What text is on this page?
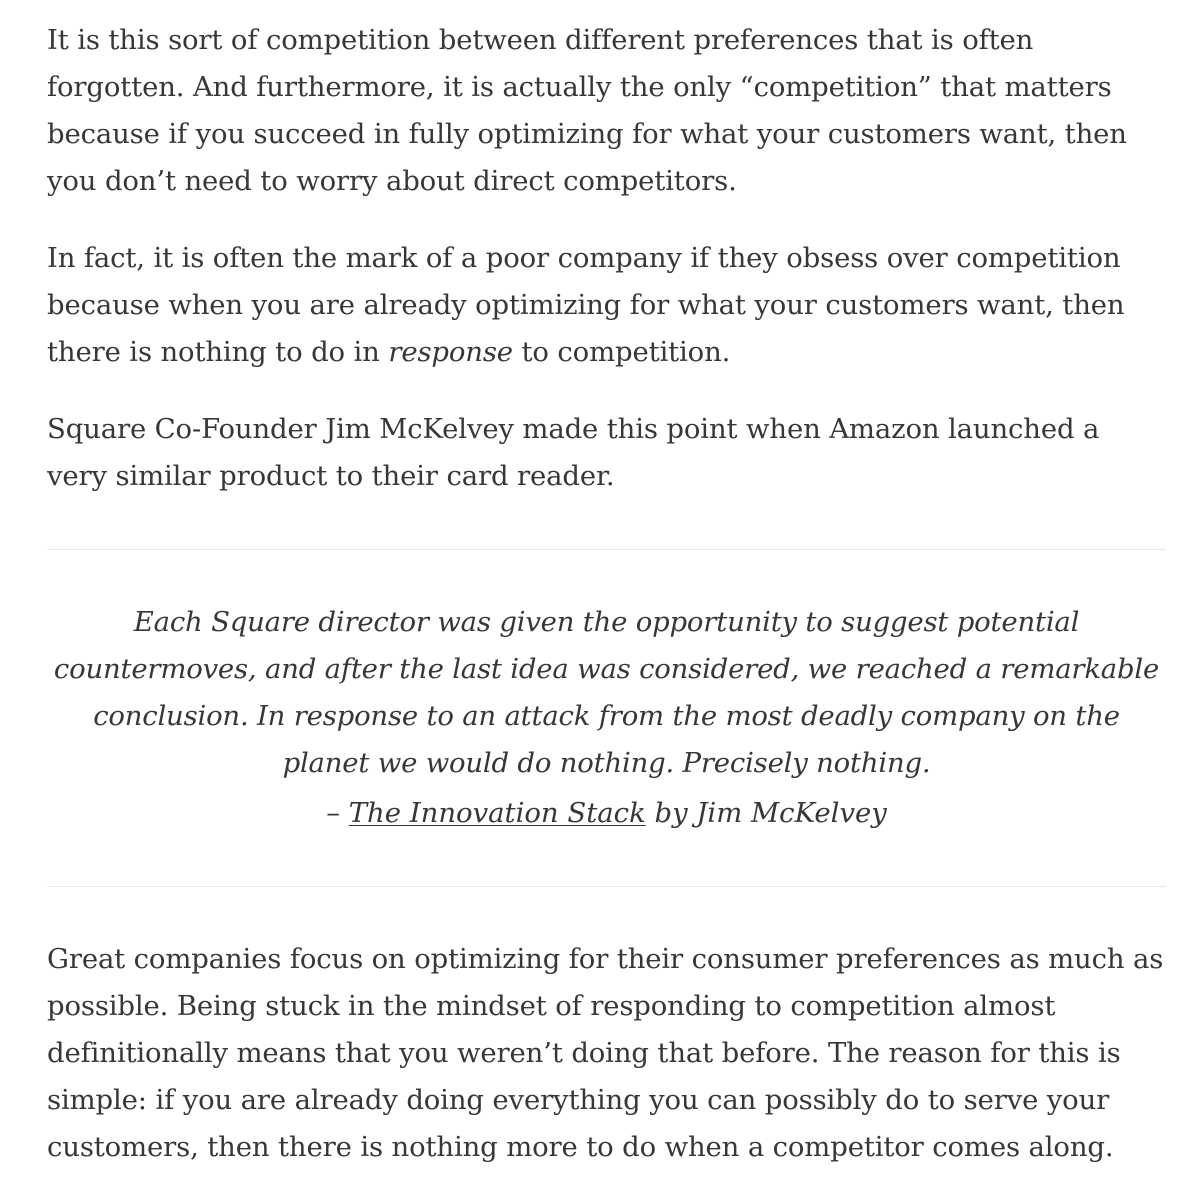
It is this sort of competition between different preferences that is often forgotten. And furthermore, it is actually the only “competition” that matters because if you succeed in fully optimizing for what your customers want, then you don’t need to worry about direct competitors.

In fact, it is often the mark of a poor company if they obsess over competition because when you are already optimizing for what your customers want, then there is nothing to do in response to competition.

Square Co-Founder Jim McKelvey made this point when Amazon launched a very similar product to their card reader.

Each Square director was given the opportunity to suggest potential countermoves, and after the last idea was considered, we reached a remarkable conclusion. In response to an attack from the most deadly company on the planet we would do nothing. Precisely nothing.

– The Innovation Stack by Jim McKelvey

Great companies focus on optimizing for their consumer preferences as much as possible. Being stuck in the mindset of responding to competition almost definitionally means that you weren’t doing that before. The reason for this is simple: if you are already doing everything you can possibly do to serve your customers, then there is nothing more to do when a competitor comes along.
